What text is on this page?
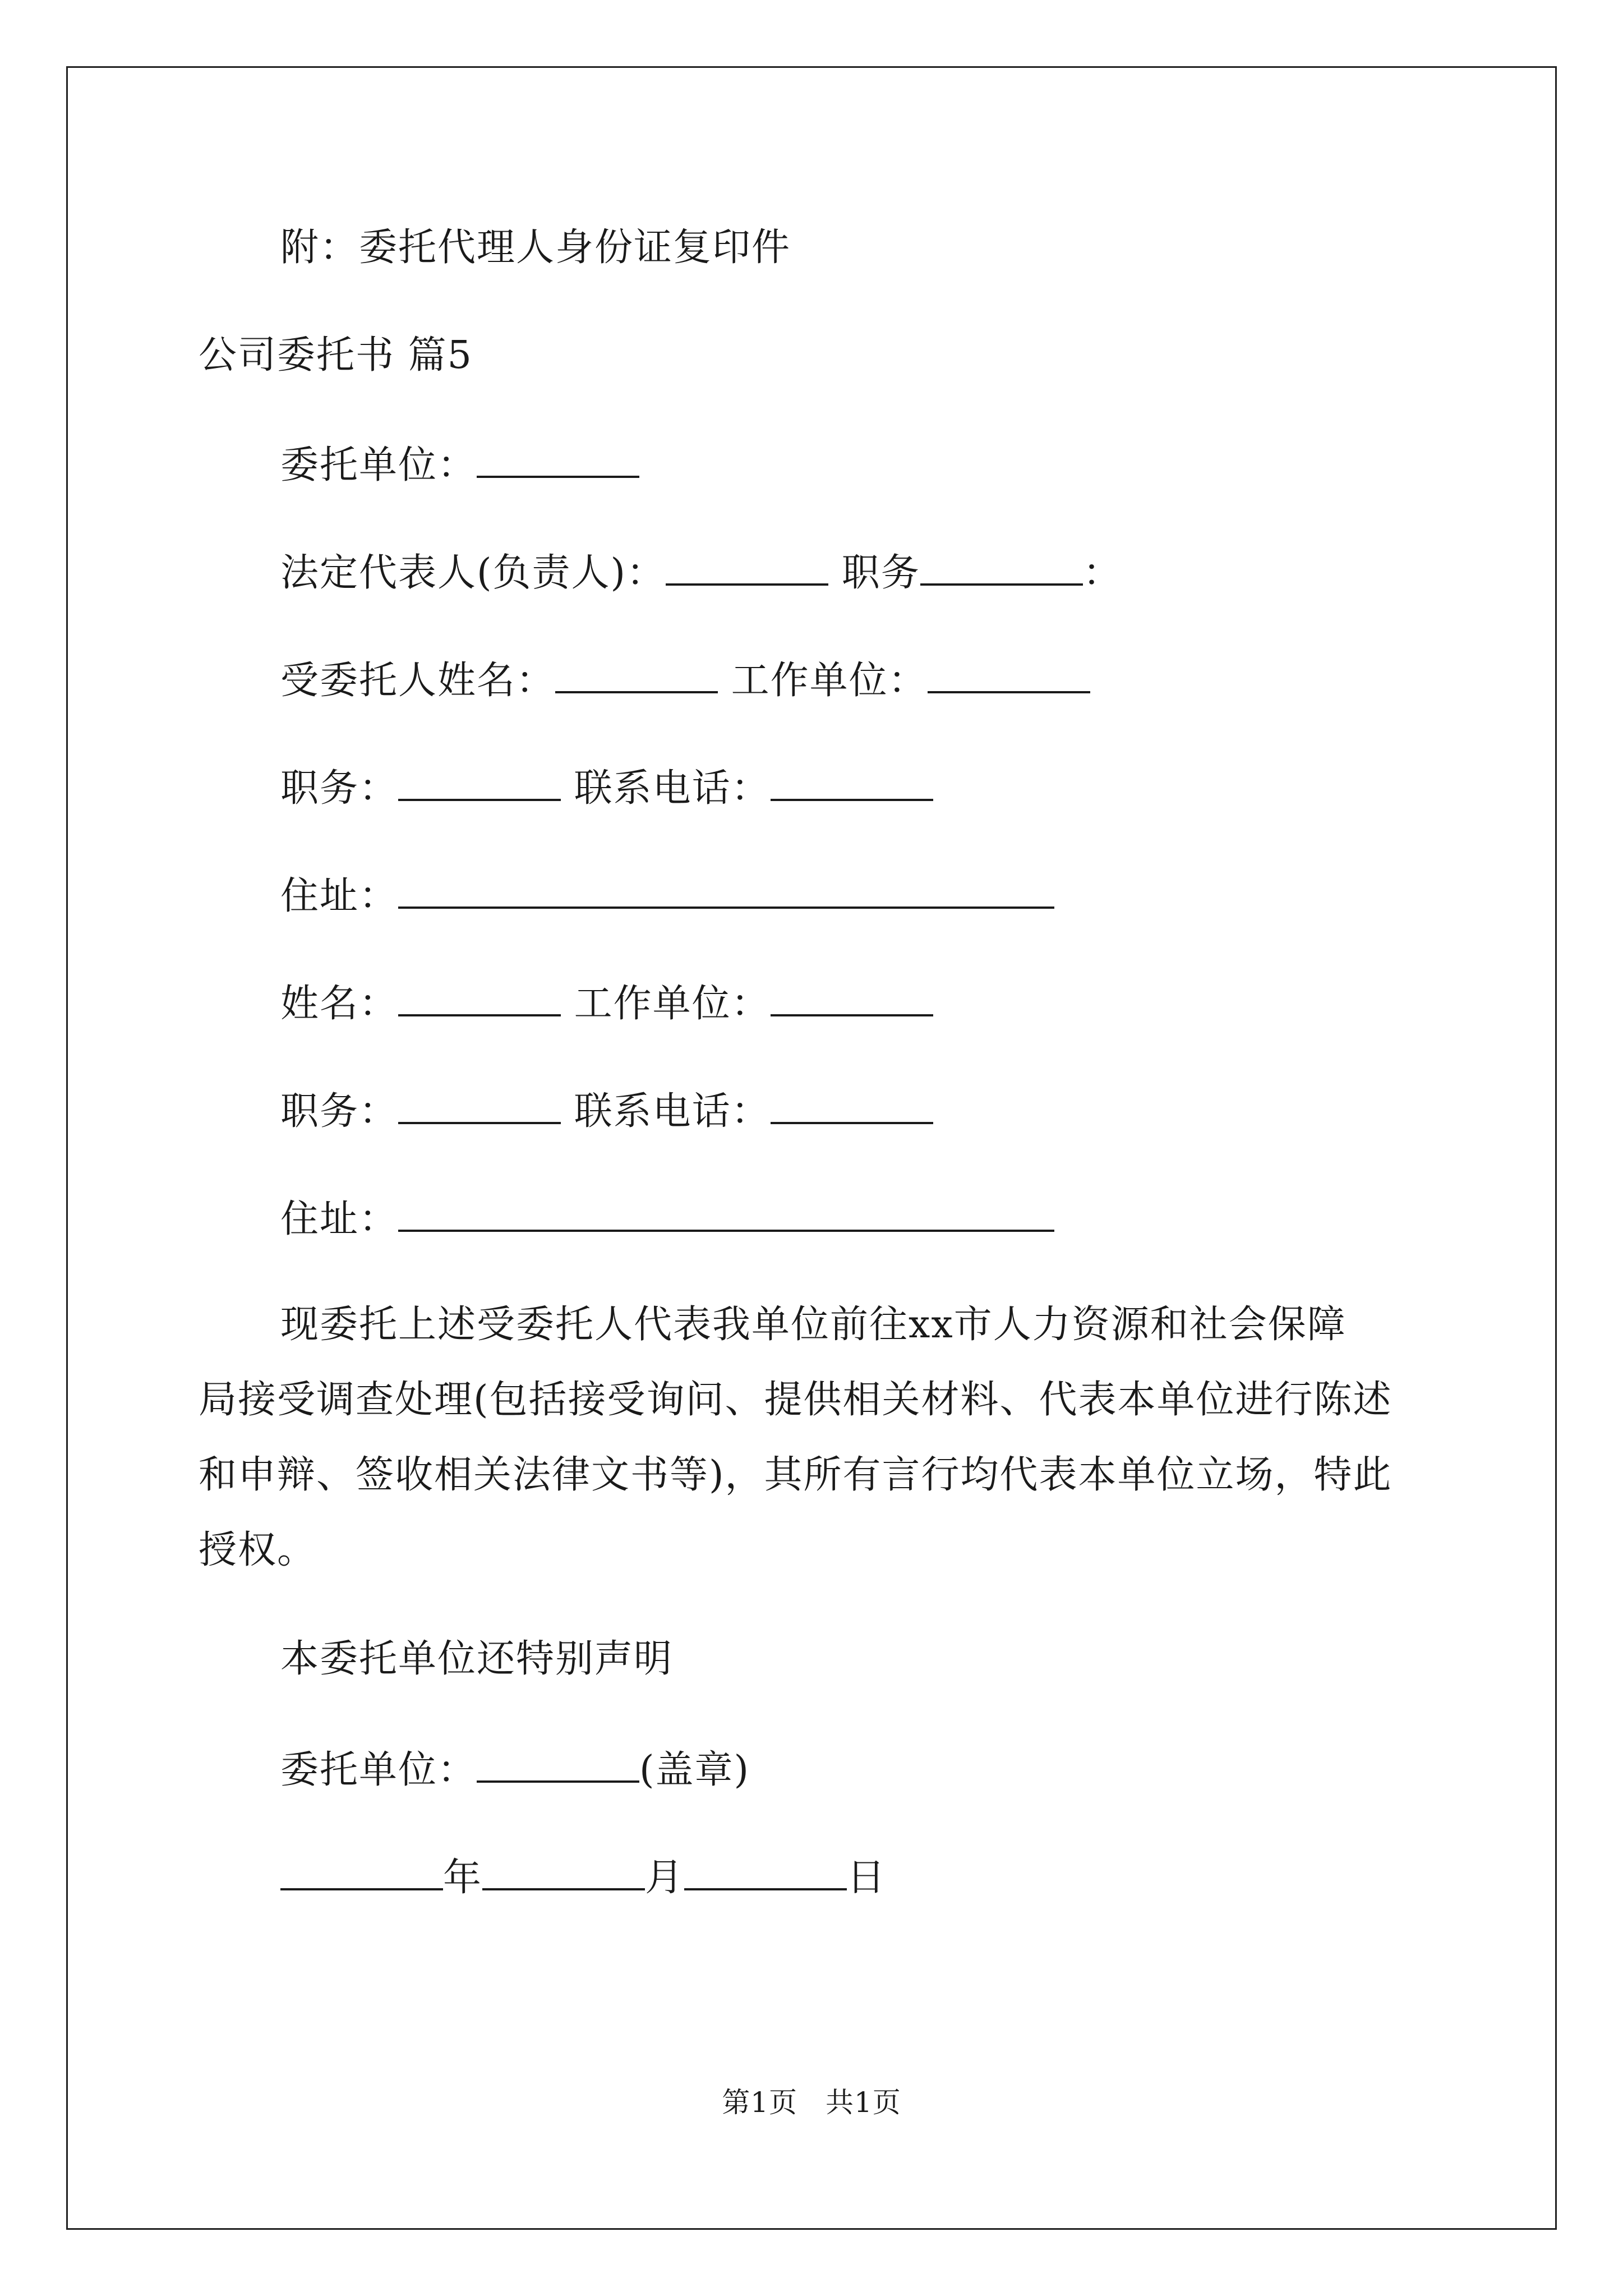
附：委托代理人身份证复印件
公司委托书 篇5
委托单位：
法定代表人(负责人)：	职务	：
受委托人姓名：	工作单位：
职务：	联系电话：
住址：
姓名：	工作单位：
职务：	联系电话：
住址：
现委托上述受委托人代表我单位前往xx市人力资源和社会保障
局接受调查处理(包括接受询问、提供相关材料、代表本单位进行陈述
和申辩、签收相关法律文书等)，其所有言行均代表本单位立场，特此
授权。
本委托单位还特别声明
委托单位：	(盖章)
年	月	日
第1页 共1页
